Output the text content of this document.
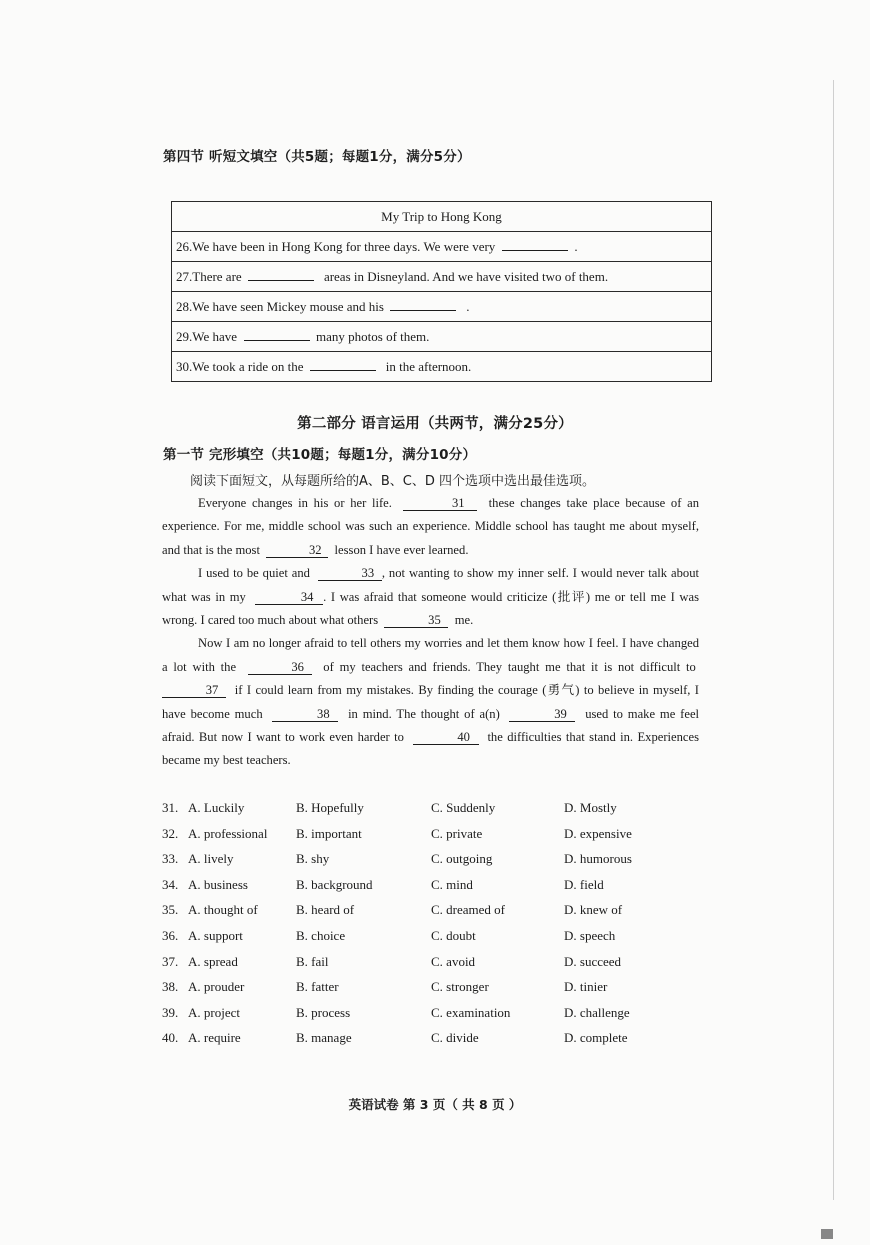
第四节 听短文填空（共5题；每题1分，满分5分）
My Trip to Hong Kong
26.We have been in Hong Kong for three days. We were very	.
27.There are	areas in Disneyland. And we have visited two of them.
28.We have seen Mickey mouse and his	.
29.We have	many photos of them.
30.We took a ride on the	in the afternoon.
第二部分 语言运用（共两节，满分25分）
第一节 完形填空（共10题；每题1分，满分10分）
阅读下面短文，从每题所给的A、B、C、D 四个选项中选出最佳选项。

Everyone changes in his or her life.	31 these changes take place because of an experience. For me, middle school was such an experience. Middle school has taught me about myself, and that is the most	32 lesson I have ever learned.

I used to be quiet and	33 , not wanting to show my inner self. I would never talk about what was in my	34 . I was afraid that someone would criticize (批评) me or tell me I was wrong. I cared too much about what others	35 me.

Now I am no longer afraid to tell others my worries and let them know how I feel. I have changed a lot with the	36 of my teachers and friends. They taught me that it is not difficult to  37 if I could learn from my mistakes. By finding the courage (勇气) to believe in myself, I have become much	38 in mind. The thought of a(n)	39 used to make me feel afraid. But now I want to work even harder to	40 the difficulties that stand in. Experiences became my best teachers.

31. A. Luckily	B. Hopefully	C. Suddenly	D. Mostly
32. A. professional B. important	C. private	D. expensive
33. A. lively	B. shy	C. outgoing	D. humorous
34. A. business	B. background	C. mind	D. field
35. A. thought of	B. heard of	C. dreamed of	D. knew of
36. A. support	B. choice	C. doubt	D. speech
37. A. spread	B. fail	C. avoid	D. succeed
38. A. prouder	B. fatter	C. stronger	D. tinier
39. A. project	B. process	C. examination	D. challenge
40. A. require	B. manage	C. divide	D. complete
英语试卷 第 3 页（ 共 8 页 ）
